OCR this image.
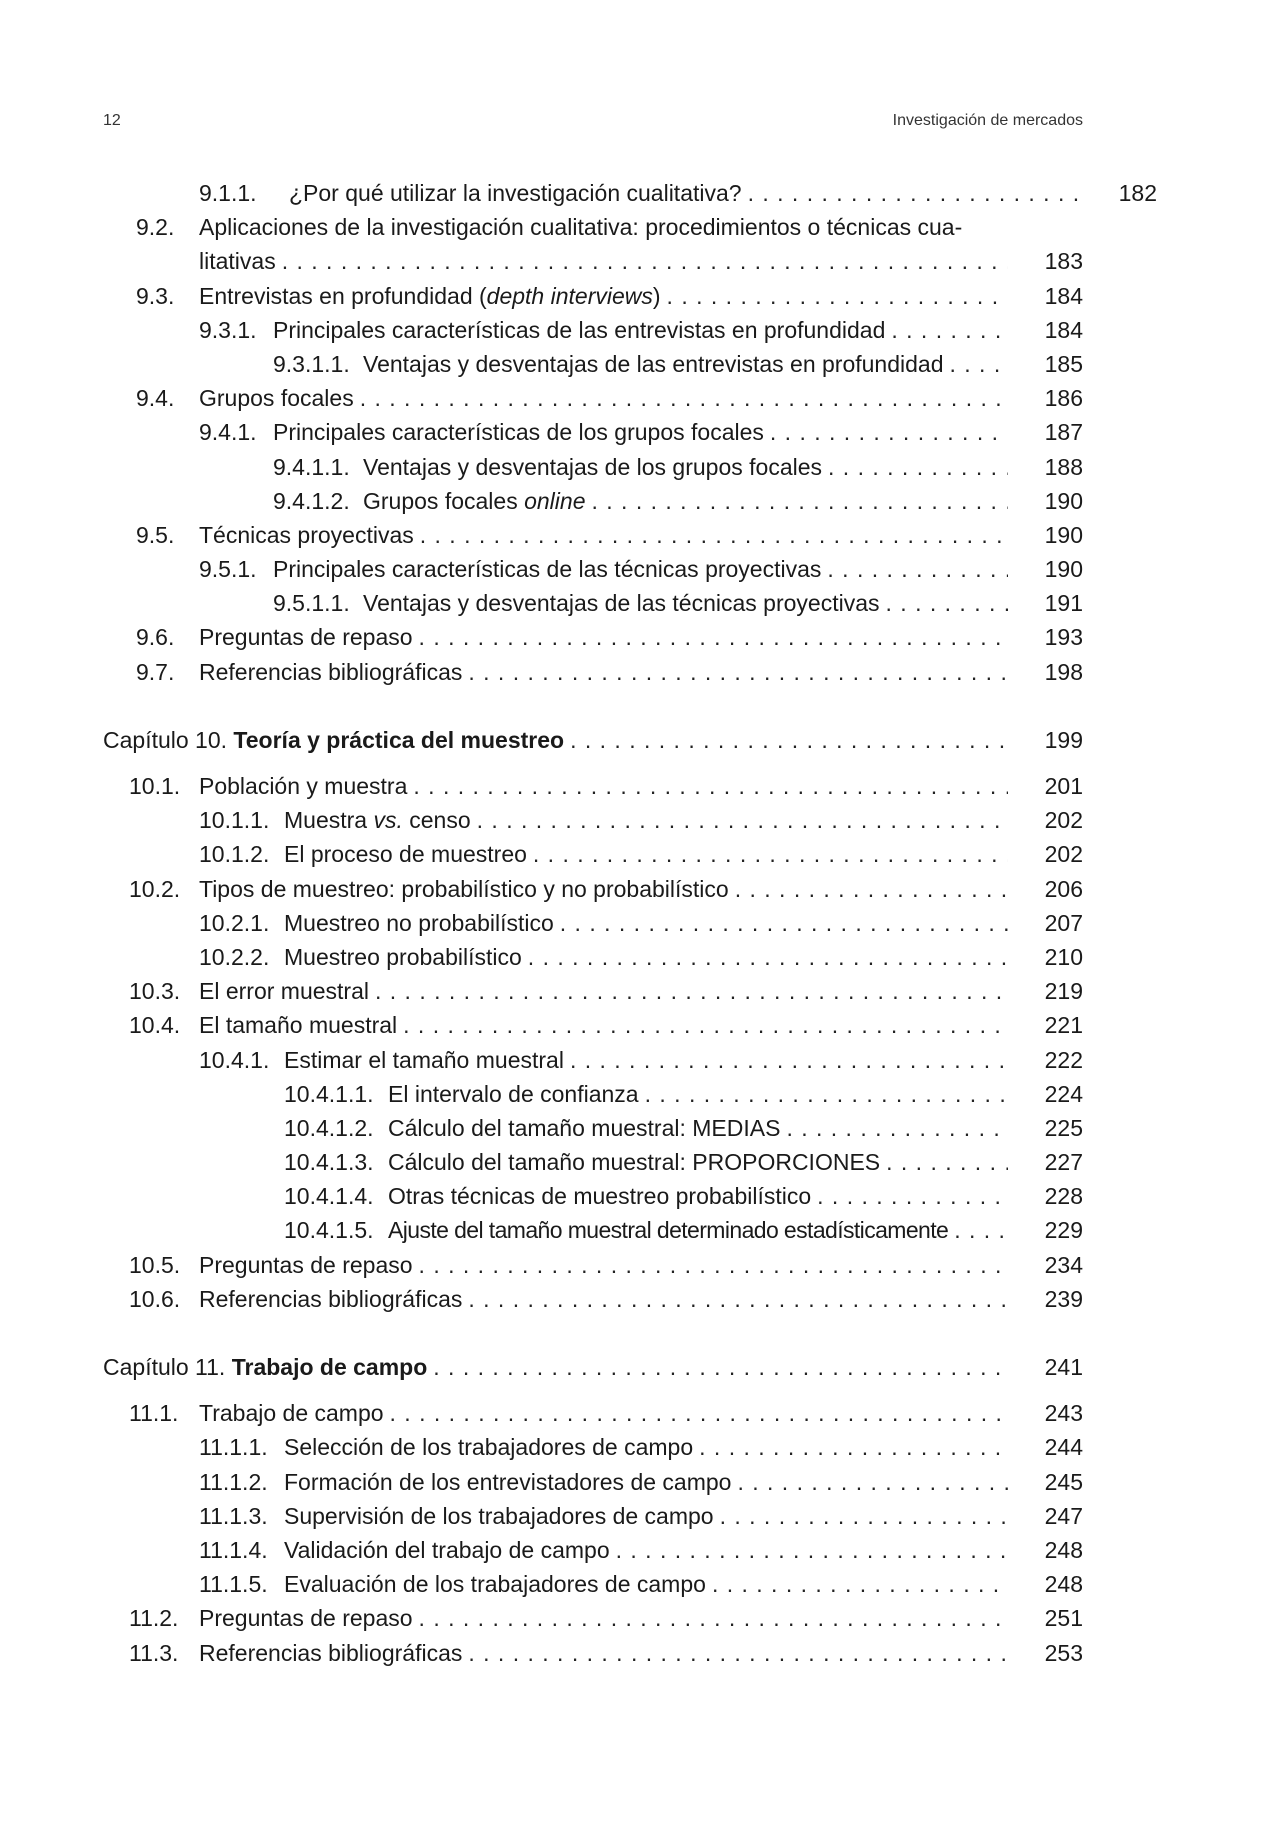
12	Investigación de mercados
9.1.1. ¿Por qué utilizar la investigación cualitativa? . . .	182
9.2. Aplicaciones de la investigación cualitativa: procedimientos o técnicas cua-
litativas . . .	183
9.3. Entrevistas en profundidad (depth interviews) . . .	184
9.3.1. Principales características de las entrevistas en profundidad . . .	184
9.3.1.1. Ventajas y desventajas de las entrevistas en profundidad . . .	185
9.4. Grupos focales . . .	186
9.4.1. Principales características de los grupos focales . . .	187
9.4.1.1. Ventajas y desventajas de los grupos focales . . .	188
9.4.1.2. Grupos focales online . . .	190
9.5. Técnicas proyectivas . . .	190
9.5.1. Principales características de las técnicas proyectivas . . .	190
9.5.1.1. Ventajas y desventajas de las técnicas proyectivas . . .	191
9.6. Preguntas de repaso . . .	193
9.7. Referencias bibliográficas . . .	198
Capítulo 10. Teoría y práctica del muestreo . . .	199
10.1. Población y muestra . . .	201
10.1.1. Muestra vs. censo . . .	202
10.1.2. El proceso de muestreo . . .	202
10.2. Tipos de muestreo: probabilístico y no probabilístico . . .	206
10.2.1. Muestreo no probabilístico . . .	207
10.2.2. Muestreo probabilístico . . .	210
10.3. El error muestral . . .	219
10.4. El tamaño muestral . . .	221
10.4.1. Estimar el tamaño muestral . . .	222
10.4.1.1. El intervalo de confianza . . .	224
10.4.1.2. Cálculo del tamaño muestral: MEDIAS . . .	225
10.4.1.3. Cálculo del tamaño muestral: PROPORCIONES . . .	227
10.4.1.4. Otras técnicas de muestreo probabilístico . . .	228
10.4.1.5. Ajuste del tamaño muestral determinado estadísticamente . . .	229
10.5. Preguntas de repaso . . .	234
10.6. Referencias bibliográficas . . .	239
Capítulo 11. Trabajo de campo . . .	241
11.1. Trabajo de campo . . .	243
11.1.1. Selección de los trabajadores de campo . . .	244
11.1.2. Formación de los entrevistadores de campo . . .	245
11.1.3. Supervisión de los trabajadores de campo . . .	247
11.1.4. Validación del trabajo de campo . . .	248
11.1.5. Evaluación de los trabajadores de campo . . .	248
11.2. Preguntas de repaso . . .	251
11.3. Referencias bibliográficas . . .	253
